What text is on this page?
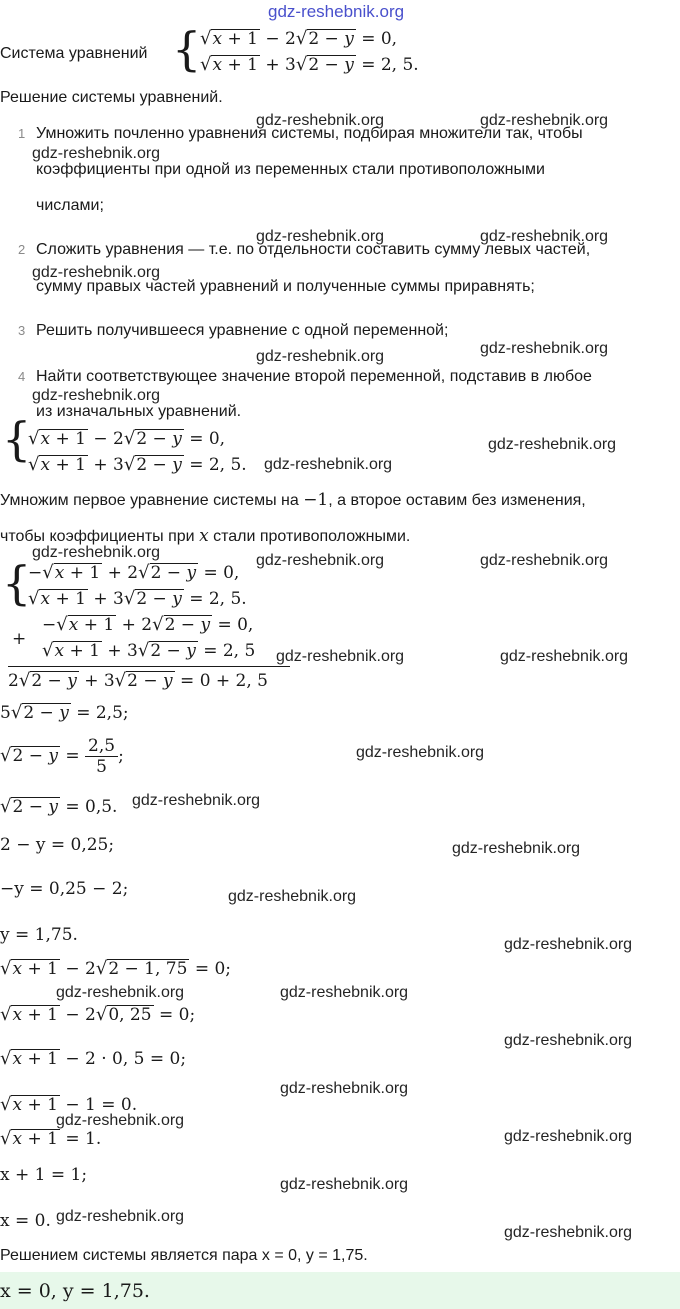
gdz-reshebnik.org
gdz-reshebnik.org	gdz-reshebnik.org
gdz-reshebnik.org
gdz-reshebnik.org	gdz-reshebnik.org
gdz-reshebnik.org
gdz-reshebnik.org	gdz-reshebnik.org
gdz-reshebnik.org
gdz-reshebnik.org
gdz-reshebnik.org
gdz-reshebnik.org	gdz-reshebnik.org	gdz-reshebnik.org
gdz-reshebnik.org	gdz-reshebnik.org
gdz-reshebnik.org
gdz-reshebnik.org
gdz-reshebnik.org
gdz-reshebnik.org
gdz-reshebnik.org
gdz-reshebnik.org	gdz-reshebnik.org
gdz-reshebnik.org
gdz-reshebnik.org
gdz-reshebnik.org
gdz-reshebnik.org
gdz-reshebnik.org
gdz-reshebnik.org
gdz-reshebnik.org
Система уравнений {
√x + 1 − 2√2 − y = 0,
√x + 1 + 3√2 − y = 2, 5.
Решение системы уравнений.
1 Умножить почленно уравнения системы, подбирая множители так, чтобы
коэффициенты при одной из переменных стали противоположными
числами;
2 Сложить уравнения — т.е. по отдельности составить сумму левых частей,
сумму правых частей уравнений и полученные суммы приравнять;
3 Решить получившееся уравнение с одной переменной;
4 Найти соответствующее значение второй переменной, подставив в любое
из изначальных уравнений.
{
√x + 1 − 2√2 − y = 0,
√x + 1 + 3√2 − y = 2, 5.
Умножим первое уравнение системы на −1, а второе оставим без изменения,
чтобы коэффициенты при x стали противоположными.
{
−√x + 1 + 2√2 − y = 0,
√x + 1 + 3√2 − y = 2, 5.
+
−√x + 1 + 2√2 − y = 0,
√x + 1 + 3√2 − y = 2, 5
2√2 − y + 3√2 − y = 0 + 2, 5
5√2 − y = 2,5;
$√2 - y = \frac{2,5}{5}$ ;
√2 − y = 0,5.
2 − y = 0,25;
−y = 0,25 − 2;
y = 1,75.
√x + 1 − 2√2 − 1, 75 = 0;
√x + 1 − 2√0, 25 = 0;
√x + 1 − 2 · 0, 5 = 0;
√x + 1 − 1 = 0.
√x + 1 = 1.
x + 1 = 1;
x = 0.
Решением системы является пара x = 0, y = 1,75.
x = 0, y = 1,75.
